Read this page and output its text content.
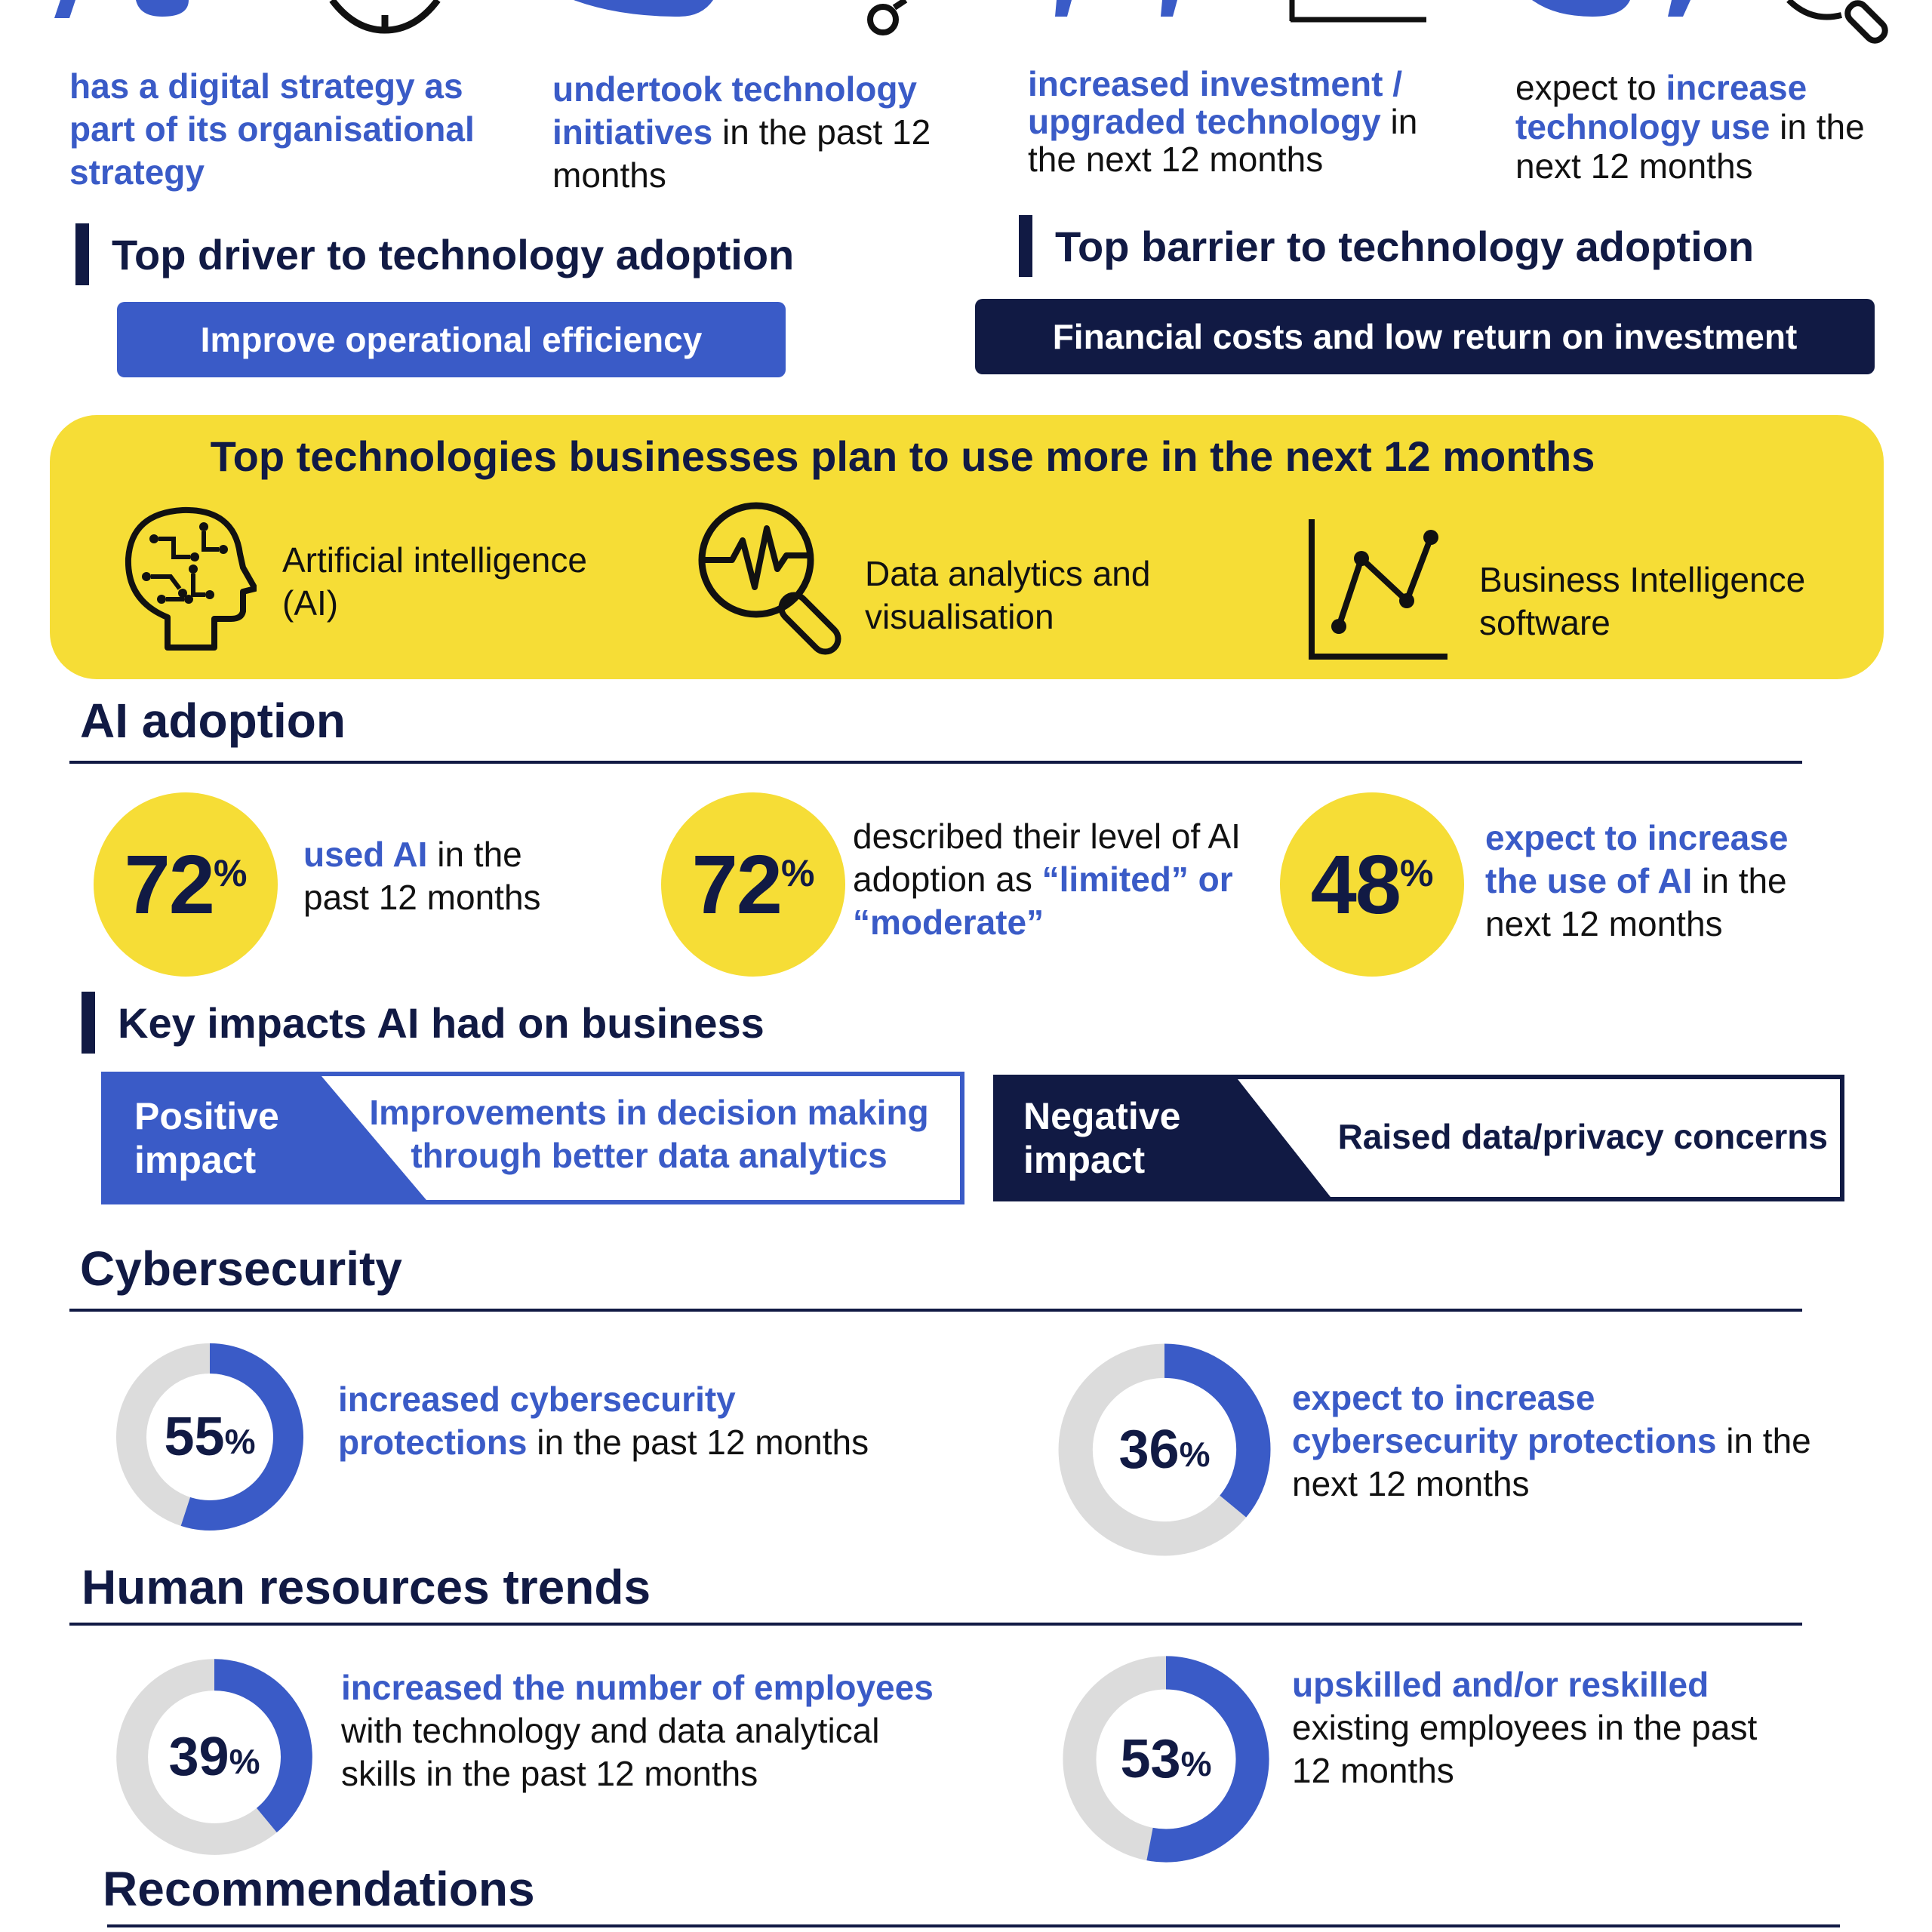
has a digital strategy as part of its organisational strategy
undertook technology initiatives in the past 12 months
increased investment / upgraded technology in the next 12 months
expect to increase technology use in the next 12 months
Top driver to technology adoption
Improve operational efficiency
Top barrier to technology adoption
Financial costs and low return on investment
Top technologies businesses plan to use more in the next 12 months
Artificial intelligence (AI)
Data analytics and visualisation
Business Intelligence software
AI adoption
72 % used AI in the past 12 months	72 %
described their level of AI adoption as “limited” or “moderate”	48 %
expect to increase the use of AI in the next 12 months
Key impacts AI had on business
Positive impact
Improvements in decision making through better data analytics
Negative impact
Raised data/privacy concerns
Cybersecurity
55 %
increased cybersecurity protections in the past 12 months	36 %
expect to increase cybersecurity protections in the next 12 months
Human resources trends
39 %
increased the number of employees with technology and data analytical skills in the past 12 months	53 %
upskilled and/or reskilled existing employees in the past 12 months
Recommendations
